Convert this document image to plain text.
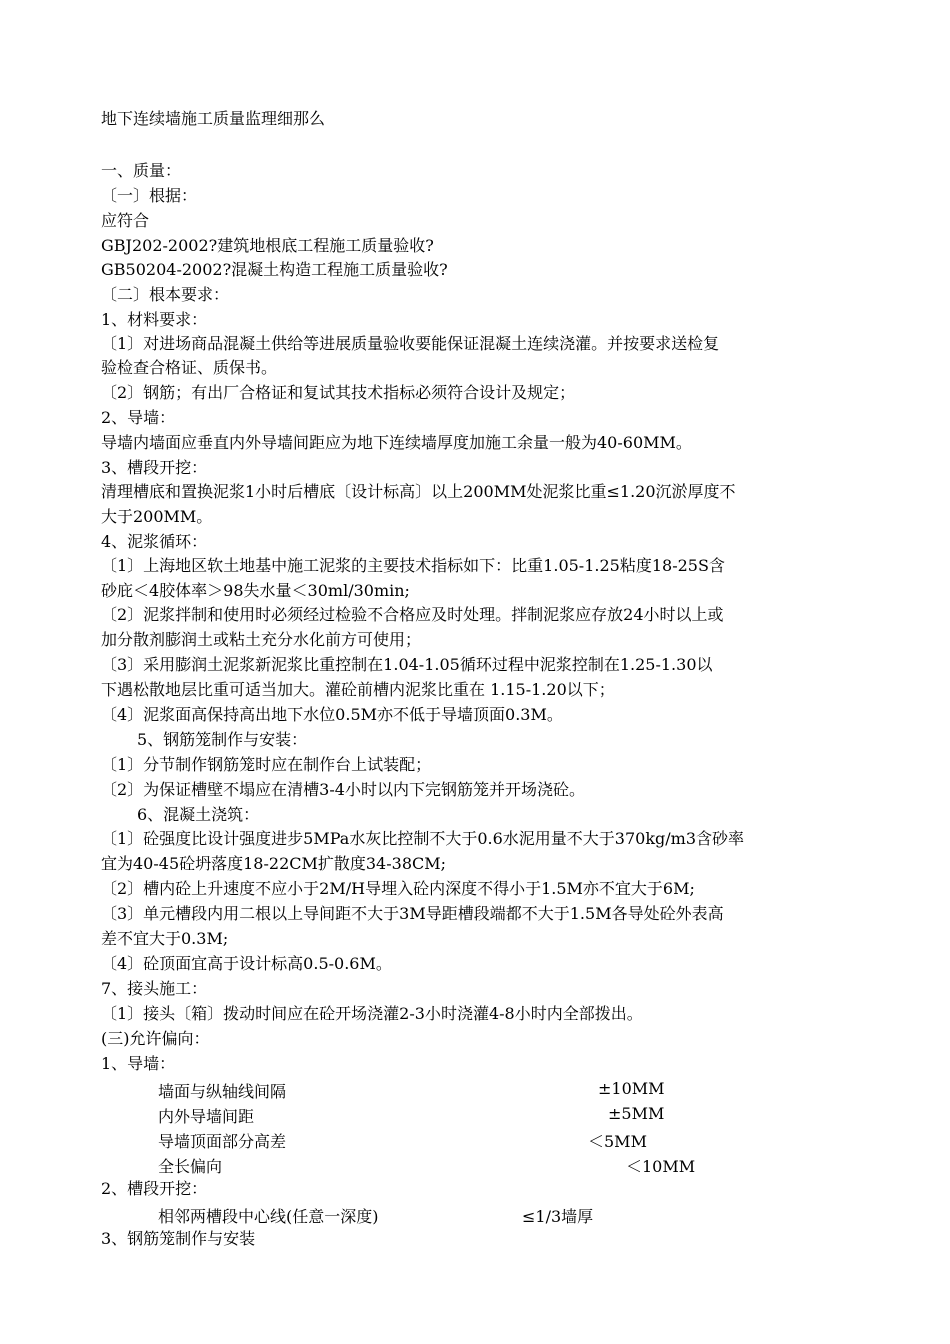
地下连续墙施工质量监理细那么
一、质量：
〔一〕根据：
应符合
GBJ202-2002?建筑地根底工程施工质量验收?
GB50204-2002?混凝土构造工程施工质量验收?
〔二〕根本要求：
1、材料要求：
〔1〕对进场商品混凝土供给等进展质量验收要能保证混凝土连续浇灌。并按要求送检复
验检查合格证、质保书。
〔2〕钢筋；有出厂合格证和复试其技术指标必须符合设计及规定；
2、导墙：
导墙内墙面应垂直内外导墙间距应为地下连续墙厚度加施工余量一般为40-60MM。
3、槽段开挖：
清理槽底和置换泥浆1小时后槽底〔设计标高〕以上200MM处泥浆比重≤1.20沉淤厚度不
大于200MM。
4、泥浆循环：
〔1〕上海地区软土地基中施工泥浆的主要技术指标如下：比重1.05-1.25粘度18-25S含
砂庇＜4胶体率＞98失水量＜30ml/30min;
〔2〕泥浆拌制和使用时必须经过检验不合格应及时处理。拌制泥浆应存放24小时以上或
加分散剂膨润土或粘土充分水化前方可使用；
〔3〕采用膨润土泥浆新泥浆比重控制在1.04-1.05循环过程中泥浆控制在1.25-1.30以
下遇松散地层比重可适当加大。灌砼前槽内泥浆比重在 1.15-1.20以下；
〔4〕泥浆面高保持高出地下水位0.5M亦不低于导墙顶面0.3M。
5、钢筋笼制作与安装：
〔1〕分节制作钢筋笼时应在制作台上试装配；
〔2〕为保证槽壁不塌应在清槽3-4小时以内下完钢筋笼并开场浇砼。
6、混凝土浇筑：
〔1〕砼强度比设计强度进步5MPa水灰比控制不大于0.6水泥用量不大于370kg/m3含砂率
宜为40-45砼坍落度18-22CM扩散度34-38CM;
〔2〕槽内砼上升速度不应小于2M/H导埋入砼内深度不得小于1.5M亦不宜大于6M;
〔3〕单元槽段内用二根以上导间距不大于3M导距槽段端都不大于1.5M各导处砼外表高
差不宜大于0.3M;
〔4〕砼顶面宜高于设计标高0.5-0.6M。
7、接头施工：
〔1〕接头〔箱〕拨动时间应在砼开场浇灌2-3小时浇灌4-8小时内全部拨出。
(三)允许偏向：
1、导墙：
墙面与纵轴线间隔	±10MM
内外导墙间距	±5MM
导墙顶面部分高差	＜5MM
全长偏向	＜10MM
2、槽段开挖：
相邻两槽段中心线(任意一深度)	≤1/3墙厚
3、钢筋笼制作与安装
